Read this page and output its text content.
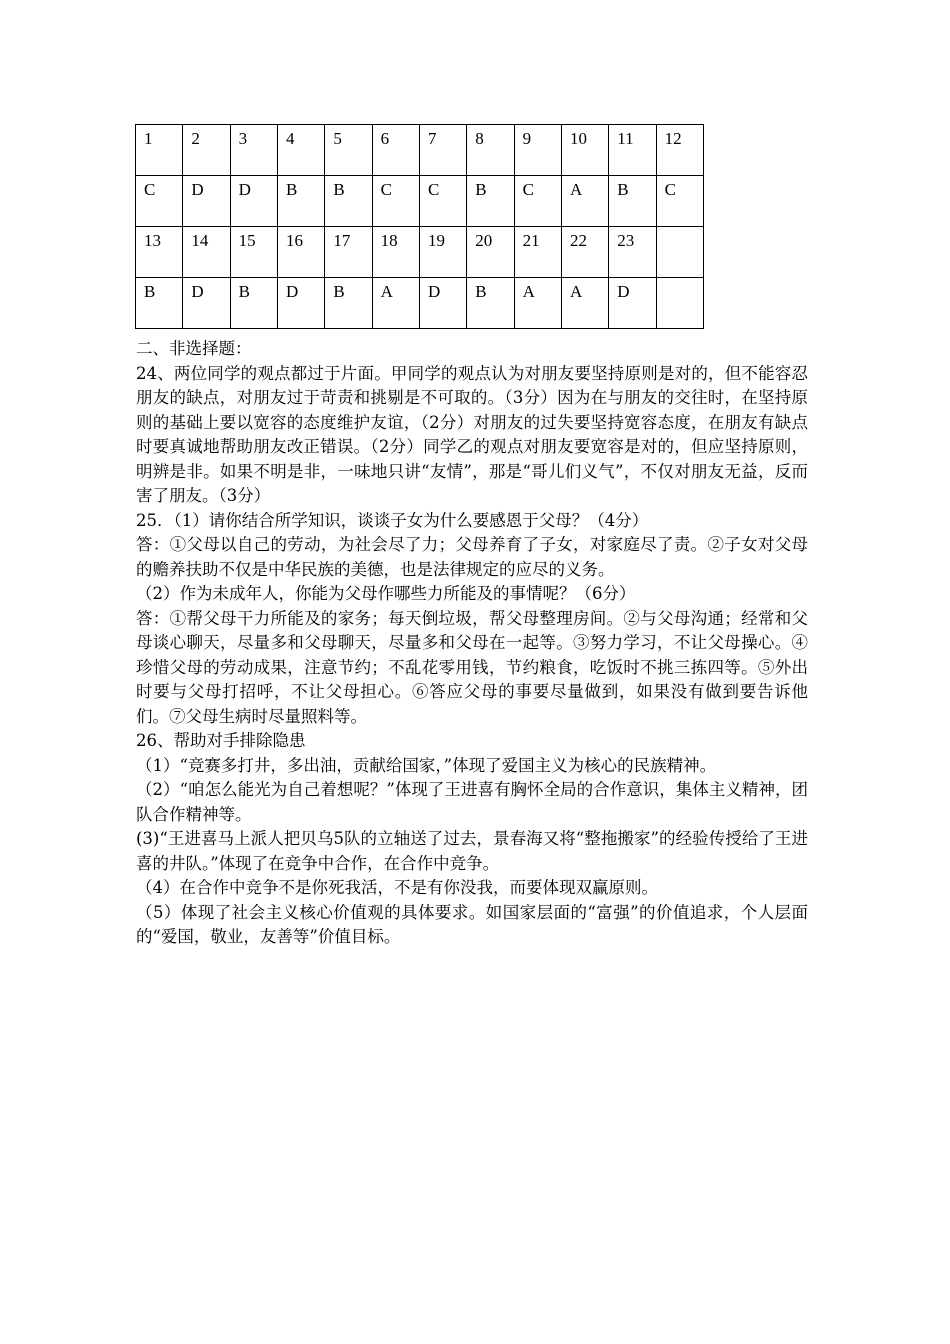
1	2	3	4	5	6	7	8	9	10	11	12
C	D	D	B	B	C	C	B	C	A	B	C
13	14	15	16	17	18	19	20	21	22	23	
B	D	B	D	B	A	D	B	A	A	D	

二、非选择题：

24、两位同学的观点都过于片面。甲同学的观点认为对朋友要坚持原则是对的，但不能容忍朋友的缺点，对朋友过于苛责和挑剔是不可取的。（3分）因为在与朋友的交往时，在坚持原则的基础上要以宽容的态度维护友谊，（2分）对朋友的过失要坚持宽容态度，在朋友有缺点时要真诚地帮助朋友改正错误。（2分）同学乙的观点对朋友要宽容是对的，但应坚持原则，明辨是非。如果不明是非，一味地只讲“友情”，那是“哥儿们义气”，不仅对朋友无益，反而害了朋友。（3分）

25．（1）请你结合所学知识，谈谈子女为什么要感恩于父母？（4分）

答：①父母以自己的劳动，为社会尽了力；父母养育了子女，对家庭尽了责。②子女对父母的赡养扶助不仅是中华民族的美德，也是法律规定的应尽的义务。

（2）作为未成年人，你能为父母作哪些力所能及的事情呢？（6分）

答：①帮父母干力所能及的家务；每天倒垃圾，帮父母整理房间。②与父母沟通；经常和父母谈心聊天，尽量多和父母聊天，尽量多和父母在一起等。③努力学习，不让父母操心。④珍惜父母的劳动成果，注意节约；不乱花零用钱，节约粮食，吃饭时不挑三拣四等。⑤外出时要与父母打招呼，不让父母担心。⑥答应父母的事要尽量做到，如果没有做到要告诉他们。⑦父母生病时尽量照料等。

26、帮助对手排除隐患

（1）“竞赛多打井，多出油，贡献给国家，”体现了爱国主义为核心的民族精神。

（2）“咱怎么能光为自己着想呢？”体现了王进喜有胸怀全局的合作意识，集体主义精神，团队合作精神等。

(3)“王进喜马上派人把贝乌5队的立轴送了过去，景春海又将“整拖搬家”的经验传授给了王进喜的井队。”体现了在竞争中合作，在合作中竞争。

（4）在合作中竞争不是你死我活，不是有你没我，而要体现双赢原则。

（5）体现了社会主义核心价值观的具体要求。如国家层面的“富强”的价值追求，个人层面的“爱国，敬业，友善等”价值目标。
